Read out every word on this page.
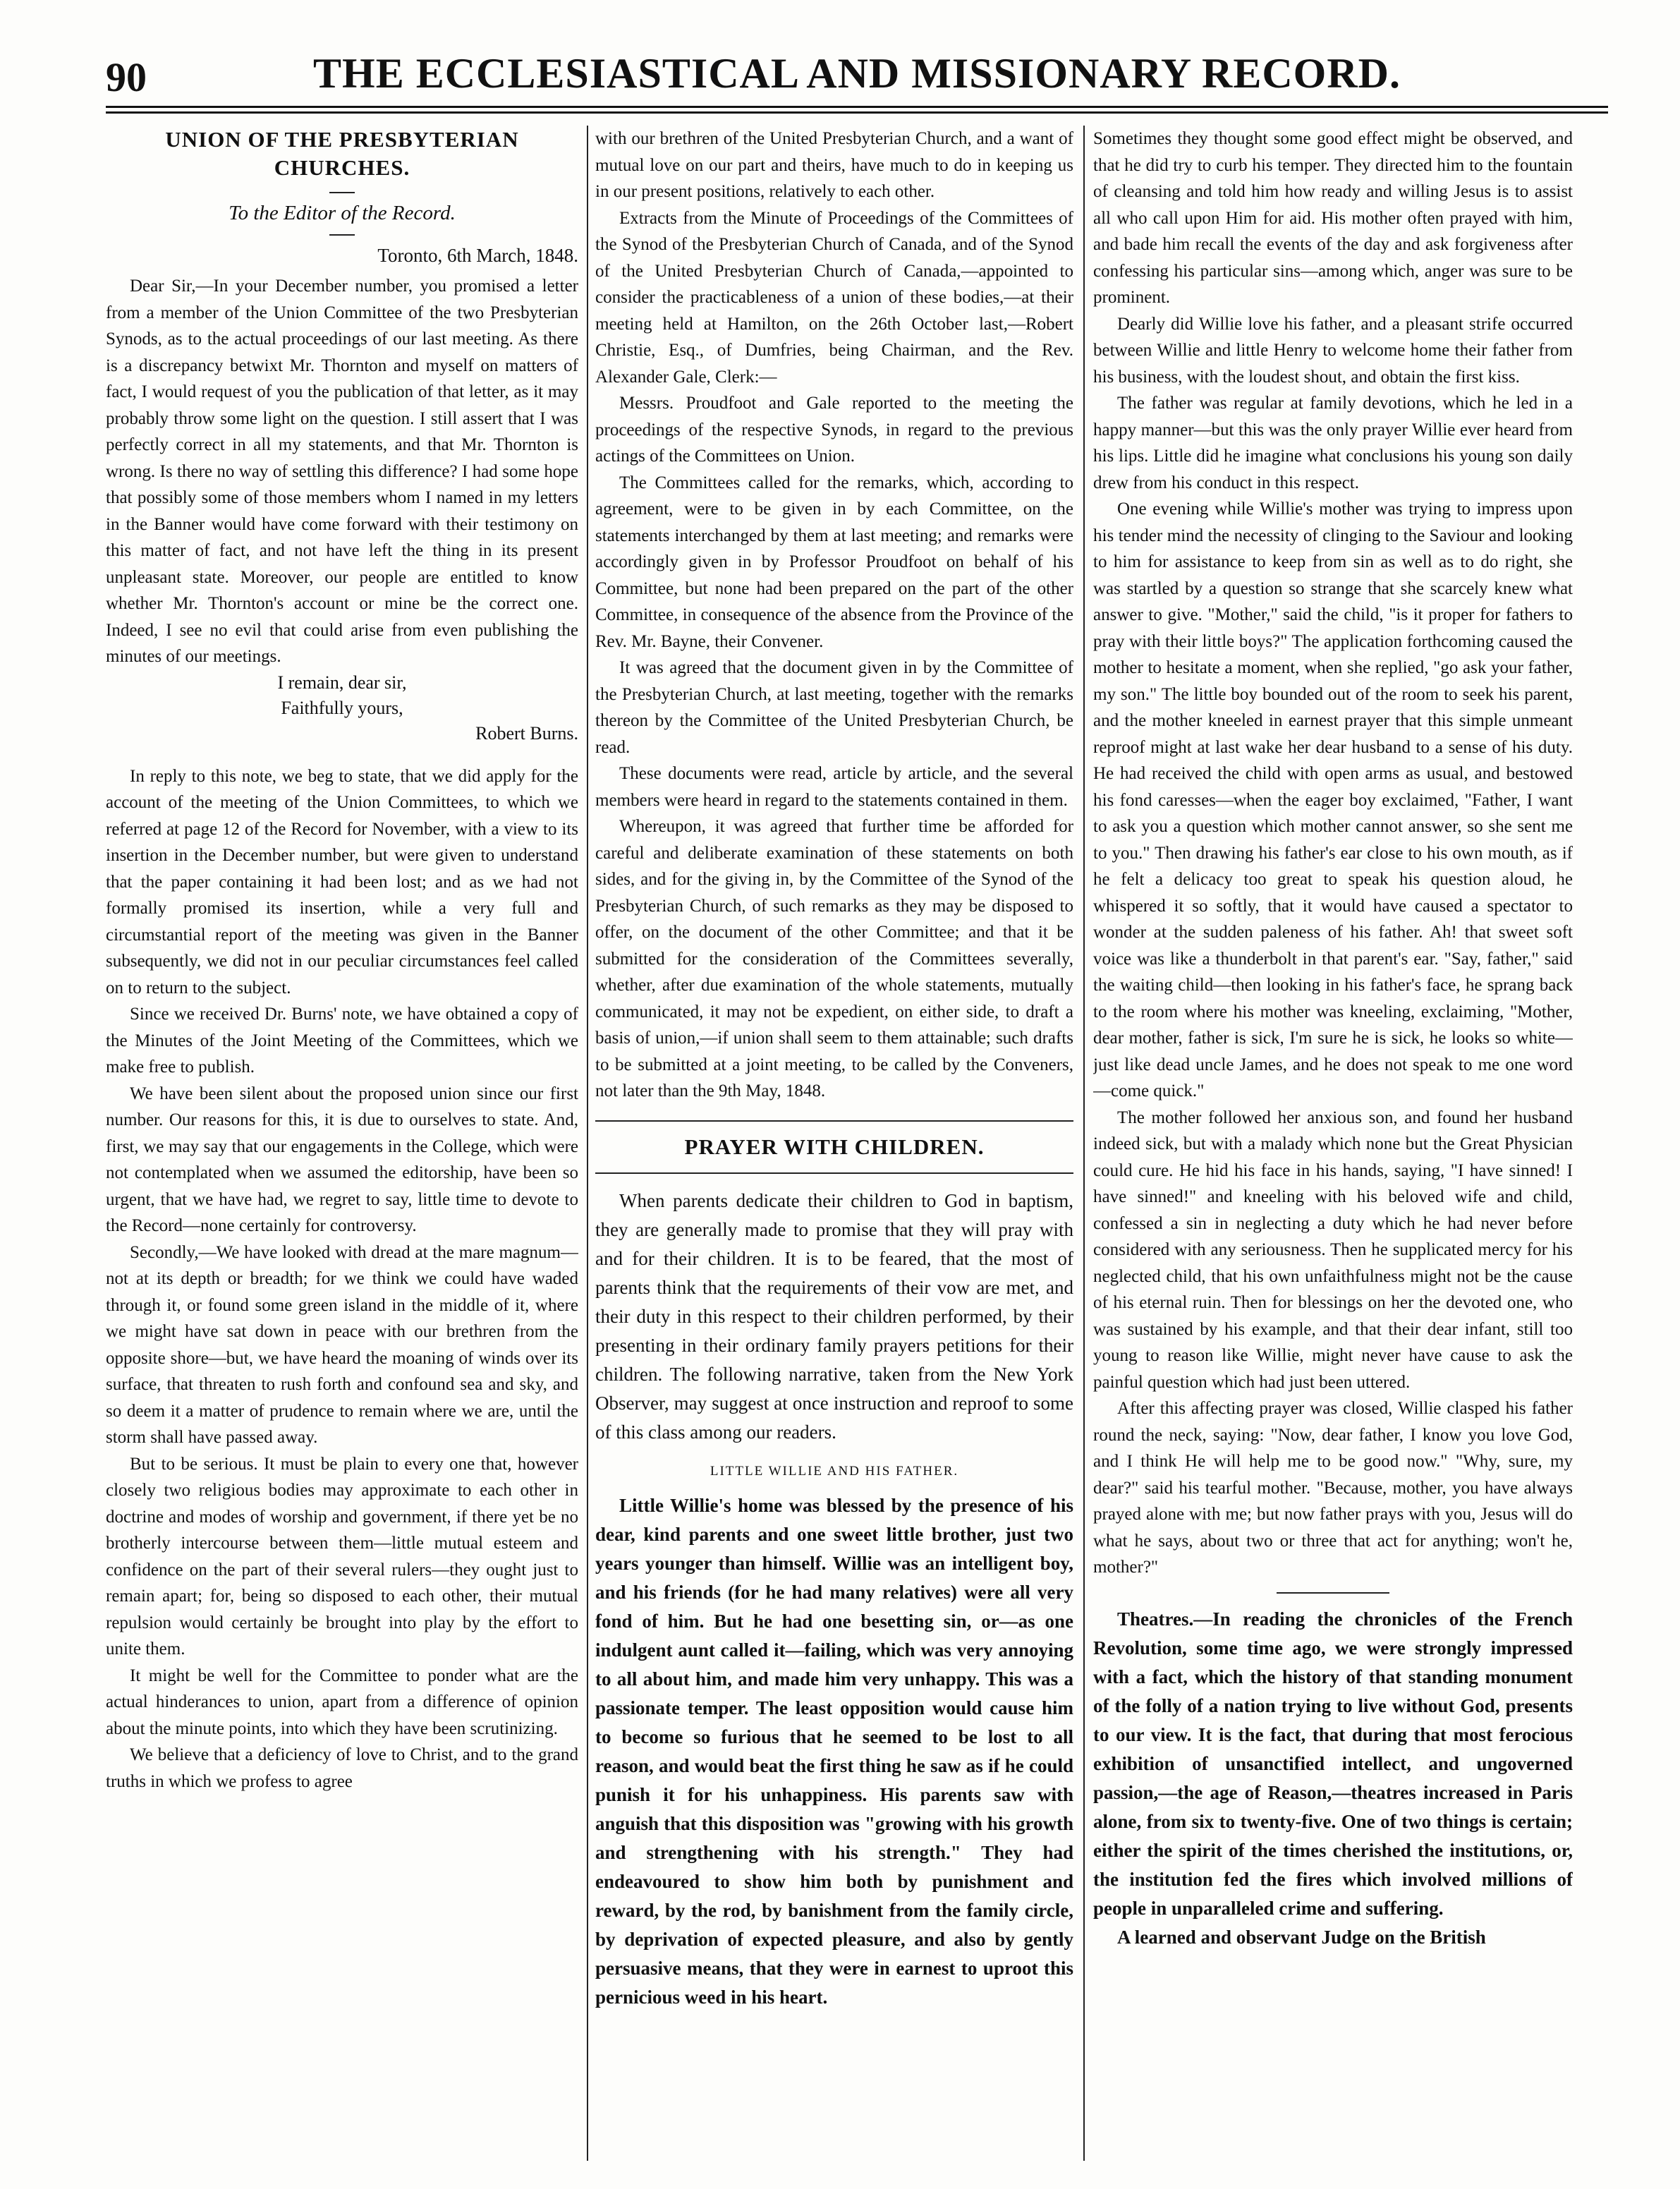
90	THE ECCLESIASTICAL AND MISSIONARY RECORD.
UNION OF THE PRESBYTERIAN CHURCHES.
To the Editor of the Record.
Toronto, 6th March, 1848.

Dear Sir,—In your December number, you promised a letter from a member of the Union Committee of the two Presbyterian Synods, as to the actual proceedings of our last meeting. As there is a discrepancy betwixt Mr. Thornton and myself on matters of fact, I would request of you the publication of that letter, as it may probably throw some light on the question. I still assert that I was perfectly correct in all my statements, and that Mr. Thornton is wrong. Is there no way of settling this difference? I had some hope that possibly some of those members whom I named in my letters in the Banner would have come forward with their testimony on this matter of fact, and not have left the thing in its present unpleasant state. Moreover, our people are entitled to know whether Mr. Thornton's account or mine be the correct one. Indeed, I see no evil that could arise from even publishing the minutes of our meetings.

I remain, dear sir,
Faithfully yours,
Robert Burns.

In reply to this note, we beg to state, that we did apply for the account of the meeting of the Union Committees, to which we referred at page 12 of the Record for November, with a view to its insertion in the December number, but were given to understand that the paper containing it had been lost; and as we had not formally promised its insertion, while a very full and circumstantial report of the meeting was given in the Banner subsequently, we did not in our peculiar circumstances feel called on to return to the subject.

Since we received Dr. Burns' note, we have obtained a copy of the Minutes of the Joint Meeting of the Committees, which we make free to publish.

We have been silent about the proposed union since our first number. Our reasons for this, it is due to ourselves to state. And, first, we may say that our engagements in the College, which were not contemplated when we assumed the editorship, have been so urgent, that we have had, we regret to say, little time to devote to the Record—none certainly for controversy.

Secondly,—We have looked with dread at the mare magnum—not at its depth or breadth; for we think we could have waded through it, or found some green island in the middle of it, where we might have sat down in peace with our brethren from the opposite shore—but, we have heard the moaning of winds over its surface, that threaten to rush forth and confound sea and sky, and so deem it a matter of prudence to remain where we are, until the storm shall have passed away.

But to be serious. It must be plain to every one that, however closely two religious bodies may approximate to each other in doctrine and modes of worship and government, if there yet be no brotherly intercourse between them—little mutual esteem and confidence on the part of their several rulers—they ought just to remain apart; for, being so disposed to each other, their mutual repulsion would certainly be brought into play by the effort to unite them.

It might be well for the Committee to ponder what are the actual hinderances to union, apart from a difference of opinion about the minute points, into which they have been scrutinizing.

We believe that a deficiency of love to Christ, and to the grand truths in which we profess to agree

with our brethren of the United Presbyterian Church, and a want of mutual love on our part and theirs, have much to do in keeping us in our present positions, relatively to each other.

Extracts from the Minute of Proceedings of the Committees of the Synod of the Presbyterian Church of Canada, and of the Synod of the United Presbyterian Church of Canada,—appointed to consider the practicableness of a union of these bodies,—at their meeting held at Hamilton, on the 26th October last,—Robert Christie, Esq., of Dumfries, being Chairman, and the Rev. Alexander Gale, Clerk:—

Messrs. Proudfoot and Gale reported to the meeting the proceedings of the respective Synods, in regard to the previous actings of the Committees on Union.

The Committees called for the remarks, which, according to agreement, were to be given in by each Committee, on the statements interchanged by them at last meeting; and remarks were accordingly given in by Professor Proudfoot on behalf of his Committee, but none had been prepared on the part of the other Committee, in consequence of the absence from the Province of the Rev. Mr. Bayne, their Convener.

It was agreed that the document given in by the Committee of the Presbyterian Church, at last meeting, together with the remarks thereon by the Committee of the United Presbyterian Church, be read.

These documents were read, article by article, and the several members were heard in regard to the statements contained in them.

Whereupon, it was agreed that further time be afforded for careful and deliberate examination of these statements on both sides, and for the giving in, by the Committee of the Synod of the Presbyterian Church, of such remarks as they may be disposed to offer, on the document of the other Committee; and that it be submitted for the consideration of the Committees severally, whether, after due examination of the whole statements, mutually communicated, it may not be expedient, on either side, to draft a basis of union,—if union shall seem to them attainable; such drafts to be submitted at a joint meeting, to be called by the Conveners, not later than the 9th May, 1848.

PRAYER WITH CHILDREN.

When parents dedicate their children to God in baptism, they are generally made to promise that they will pray with and for their children. It is to be feared, that the most of parents think that the requirements of their vow are met, and their duty in this respect to their children performed, by their presenting in their ordinary family prayers petitions for their children. The following narrative, taken from the New York Observer, may suggest at once instruction and reproof to some of this class among our readers.

LITTLE WILLIE AND HIS FATHER.

Little Willie's home was blessed by the presence of his dear, kind parents and one sweet little brother, just two years younger than himself. Willie was an intelligent boy, and his friends (for he had many relatives) were all very fond of him. But he had one besetting sin, or—as one indulgent aunt called it—failing, which was very annoying to all about him, and made him very unhappy. This was a passionate temper. The least opposition would cause him to become so furious that he seemed to be lost to all reason, and would beat the first thing he saw as if he could punish it for his unhappiness. His parents saw with anguish that this disposition was "growing with his growth and strengthening with his strength." They had endeavoured to show him both by punishment and reward, by the rod, by banishment from the family circle, by deprivation of expected pleasure, and also by gently persuasive means, that they were in earnest to uproot this pernicious weed in his heart.

Sometimes they thought some good effect might be observed, and that he did try to curb his temper. They directed him to the fountain of cleansing and told him how ready and willing Jesus is to assist all who call upon Him for aid. His mother often prayed with him, and bade him recall the events of the day and ask forgiveness after confessing his particular sins—among which, anger was sure to be prominent.

Dearly did Willie love his father, and a pleasant strife occurred between Willie and little Henry to welcome home their father from his business, with the loudest shout, and obtain the first kiss.

The father was regular at family devotions, which he led in a happy manner—but this was the only prayer Willie ever heard from his lips. Little did he imagine what conclusions his young son daily drew from his conduct in this respect.

One evening while Willie's mother was trying to impress upon his tender mind the necessity of clinging to the Saviour and looking to him for assistance to keep from sin as well as to do right, she was startled by a question so strange that she scarcely knew what answer to give. "Mother," said the child, "is it proper for fathers to pray with their little boys?" The application forthcoming caused the mother to hesitate a moment, when she replied, "go ask your father, my son." The little boy bounded out of the room to seek his parent, and the mother kneeled in earnest prayer that this simple unmeant reproof might at last wake her dear husband to a sense of his duty. He had received the child with open arms as usual, and bestowed his fond caresses—when the eager boy exclaimed, "Father, I want to ask you a question which mother cannot answer, so she sent me to you." Then drawing his father's ear close to his own mouth, as if he felt a delicacy too great to speak his question aloud, he whispered it so softly, that it would have caused a spectator to wonder at the sudden paleness of his father. Ah! that sweet soft voice was like a thunderbolt in that parent's ear. "Say, father," said the waiting child—then looking in his father's face, he sprang back to the room where his mother was kneeling, exclaiming, "Mother, dear mother, father is sick, I'm sure he is sick, he looks so white—just like dead uncle James, and he does not speak to me one word—come quick."

The mother followed her anxious son, and found her husband indeed sick, but with a malady which none but the Great Physician could cure. He hid his face in his hands, saying, "I have sinned! I have sinned!" and kneeling with his beloved wife and child, confessed a sin in neglecting a duty which he had never before considered with any seriousness. Then he supplicated mercy for his neglected child, that his own unfaithfulness might not be the cause of his eternal ruin. Then for blessings on her the devoted one, who was sustained by his example, and that their dear infant, still too young to reason like Willie, might never have cause to ask the painful question which had just been uttered.

After this affecting prayer was closed, Willie clasped his father round the neck, saying: "Now, dear father, I know you love God, and I think He will help me to be good now." "Why, sure, my dear?" said his tearful mother. "Because, mother, you have always prayed alone with me; but now father prays with you, Jesus will do what he says, about two or three that act for anything; won't he, mother?"

Theatres.—In reading the chronicles of the French Revolution, some time ago, we were strongly impressed with a fact, which the history of that standing monument of the folly of a nation trying to live without God, presents to our view. It is the fact, that during that most ferocious exhibition of unsanctified intellect, and ungoverned passion,—the age of Reason,—theatres increased in Paris alone, from six to twenty-five. One of two things is certain; either the spirit of the times cherished the institutions, or, the institution fed the fires which involved millions of people in unparalleled crime and suffering.

A learned and observant Judge on the British
